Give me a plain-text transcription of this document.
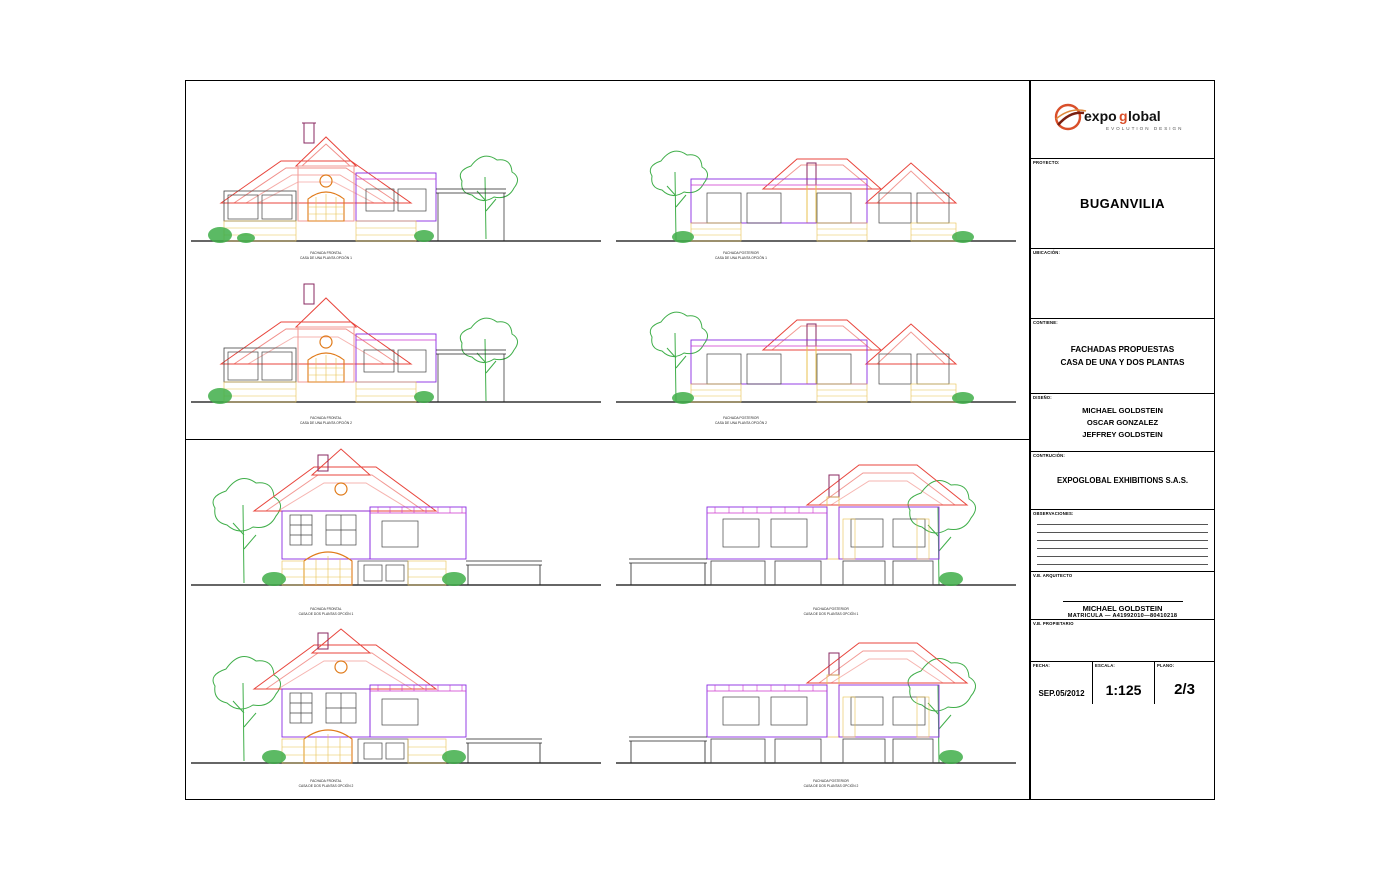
FACHADA FRONTAL
CASA DE UNA PLANTA OPCIÓN 1
FACHADA POSTERIOR
CASA DE UNA PLANTA OPCIÓN 1
FACHADA FRONTAL
CASA DE UNA PLANTA OPCIÓN 2
FACHADA POSTERIOR
CASA DE UNA PLANTA OPCIÓN 2
FACHADA FRONTAL
CASA DE DOS PLANTAS OPCIÓN 1
FACHADA POSTERIOR
CASA DE DOS PLANTAS OPCIÓN 1
FACHADA FRONTAL
CASA DE DOS PLANTAS OPCIÓN 2
FACHADA POSTERIOR
CASA DE DOS PLANTAS OPCIÓN 2
expo g lobal
EVOLUTION DESIGN
PROYECTO:
BUGANVILIA
UBICACIÓN:
CONTIENE:
FACHADAS PROPUESTAS
CASA DE UNA Y DOS PLANTAS
DISEÑO:
MICHAEL GOLDSTEIN
OSCAR GONZALEZ
JEFFREY GOLDSTEIN
CONTRUCIÓN:
EXPOGLOBAL EXHIBITIONS S.A.S.
OBSERVACIONES:
V.B. ARQUITECTO
MICHAEL GOLDSTEIN
MATRICULA — A41992010—80410218
V.B. PROPIETARIO
FECHA:
SEP.05/2012
ESCALA:
1:125
PLANO:
2/3
